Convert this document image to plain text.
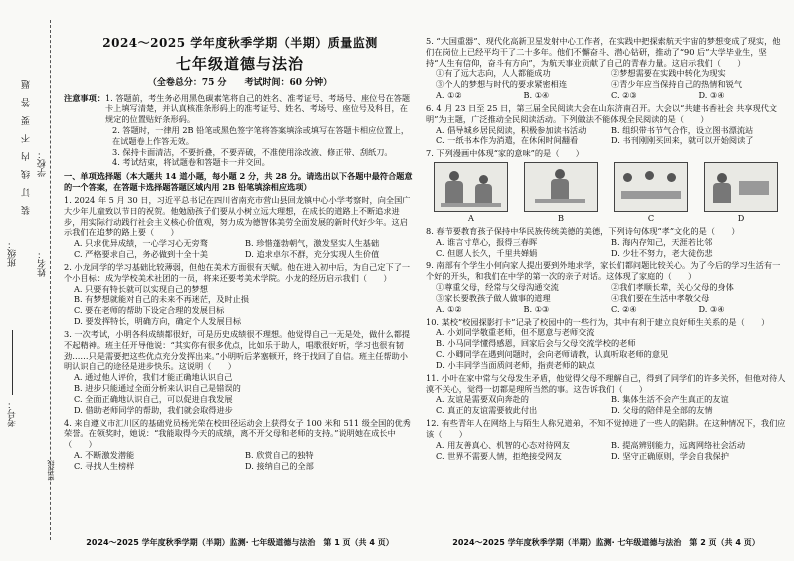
考号：
班级：
装　订　线　内　不　要　答　题
姓名：
学校：
密封线
2024～2025 学年度秋季学期（半期）质量监测
七年级道德与法治
（全卷总分：75 分　　考试时间：60 分钟）
注意事项： 1. 答题前，考生务必用黑色碳素笔将自己的姓名、准考证号、考场号、座位号在答题卡上填写清楚，并认真核准条形码上的准考证号、姓名、考场号、座位号及科目，在规定的位置贴好条形码。
2. 答题时，一律用 2B 铅笔或黑色签字笔将答案填涂或填写在答题卡相应位置上，在试题卷上作答无效。
3. 保持卡面清洁，不要折叠，不要弄破，不准使用涂改液、修正带、刮纸刀。
4. 考试结束，将试题卷和答题卡一并交回。
一、单项选择题（本大题共 14 道小题，每小题 2 分，共 28 分。请选出以下各题中最符合题意的一个答案，在答题卡选择题答题区域内用 2B 铅笔填涂相应选项）
1. 2024 年 5 月 30 日，习近平总书记在四川省南充市营山县回龙镇中心小学考察时，向全国广大少年儿童致以节日的祝贺。他勉励孩子们要从小树立远大理想，在成长的道路上不断追求进步，用实际行动践行社会主义核心价值观，努力成为德智体美劳全面发展的新时代好少年。这启示我们在追梦的路上要（　　）
A. 只求优异成绩，一心学习心无旁骛	B. 珍惜蓬勃朝气，激发坚实人生基础
C. 严格要求自己，务必做到十全十美	D. 追求卓尔不群，充分实现人生价值
2. 小龙同学的学习基础比较薄弱，但他在美术方面很有天赋。他在进入初中后，为自己定下了一个小目标：成为学校美术社团的一员，将来还要考美术学院。小龙的经历启示我们（　　）
A. 只要有特长就可以实现自己的梦想
B. 有梦想就能对自己的未来不再迷茫，及时止损
C. 要在老师的帮助下设定合理的发展目标
D. 要发挥特长，明确方向，确定个人发展目标
3. 一次考试，小明各科成绩都很好，可是历史成绩很不理想。他觉得自己一无是处，做什么都提不起精神。班主任开导他说：“其实你有很多优点，比如乐于助人，唱歌很好听，学习也很有韧劲……只是需要把这些优点充分发挥出来。”小明听后茅塞顿开，终于找回了自信。班主任帮助小明认识自己的途径是进步快乐。这说明（　　）
A. 通过他人评价，我们才能正确地认识自己
B. 进步只能通过全面分析来认识自己是错误的
C. 全面正确地认识自己，可以促进自我发展
D. 借助老师同学的帮助，我们就会取得进步
4. 来自遵义市汇川区的基础党员杨光荣在校田径运动会上获得女子 100 米和 511 级全国的优秀荣誉。在领奖时，她说：“我能取得今天的成绩，离不开父母和老师的支持。”说明她在成长中（　　）
A. 不断激发潜能	B. 欣赏自己的独特
C. 寻找人生榜样	D. 接纳自己的全部
2024～2025 学年度秋季学期（半期）监测· 七年级道德与法治　第 1 页（共 4 页）
5. “大国重器”、现代化高新卫星发射中心工作者，在实践中把探索航天宇宙的梦想变成了现实，他们在岗位上已经平均干了二十多年。他们不懈奋斗、潜心钻研，推动了“90 后”大学毕业生，坚持“人生有信仰，奋斗有方向”，为航天事业贡献了自己的青春力量。这启示我们（　　）
①有了远大志向，人人都能成功	②梦想需要在实践中转化为现实
③个人的梦想与时代的要求紧密相连	④青少年应当保持自己的热情和锐气
A. ①②	B. ①④	C. ②③	D. ③④
6. 4 月 23 日至 25 日，第三届全民阅读大会在山东济南召开。大会以“共建书香社会 共享现代文明”为主题，广泛推动全民阅读活动。下列做法不能体现全民阅读的是（　　）
A. 倡导城乡居民阅读，积极参加读书活动	B. 组织带书节气合作，设立图书漂流站
C. 一纸书本作为消遣，在休闲时间翻看	D. 书刊刚刚买回来，就可以开始阅读了
7. 下列漫画中体现“家的意味”的是（　　）
A	B	C	D
8. 春节要教育孩子保持中华民族传统美德的美德，下列诗句体现“孝”文化的是（　　）
A. 谁言寸草心，报得三春晖	B. 海内存知己，天涯若比邻
C. 但愿人长久，千里共婵娟	D. 少壮不努力，老大徒伤悲
9. 南部有个学生小何向家人提出要到外地求学，家长们都问题比较关心。为了今后的学习生活有一个好的开头，和我们在中学的第一次的亲子对话。这体现了家庭的（　　）
①尊重父母，经常与父母沟通交流	②我们孝顺长辈，关心父母的身体
③家长要教孩子做人做事的道理	④我们要在生活中孝敬父母
A. ①②	B. ①③	C. ②④	D. ③④
10. 某校“校园探影打卡”记录了校园中的一些行为，其中有利于建立良好师生关系的是（　　）
A. 小刘同学敬重老师，但不愿意与老师交流
B. 小马同学懂得感恩，回家后会与父母交流学校的老师
C. 小卿同学在遇到问题时，会向老师请教，认真听取老师的意见
D. 小丰同学当面质问老师，指责老师的缺点
11. 小叶在家中常与父母发生矛盾，他觉得父母不理解自己，得到了同学们的许多关怀，但他对待人漠不关心，觉得一切都是理所当然的事。这告诉我们（　　）
A. 友谊是需要双向奔赴的	B. 集体生活不会产生真正的友谊
C. 真正的友谊需要彼此付出	D. 父母的陪伴是全部的友情
12. 有些青年人在网络上与陌生人称兄道弟，不知不觉掉进了一些人的陷阱。在这种情况下，我们应该（　　）
A. 用友善真心、机智的心态对待网友	B. 提高辨别能力，远离网络社会活动
C. 世界不需要人情，拒绝接受网友	D. 坚守正确原则，学会自我保护
2024～2025 学年度秋季学期（半期）监测· 七年级道德与法治　第 2 页（共 4 页）
